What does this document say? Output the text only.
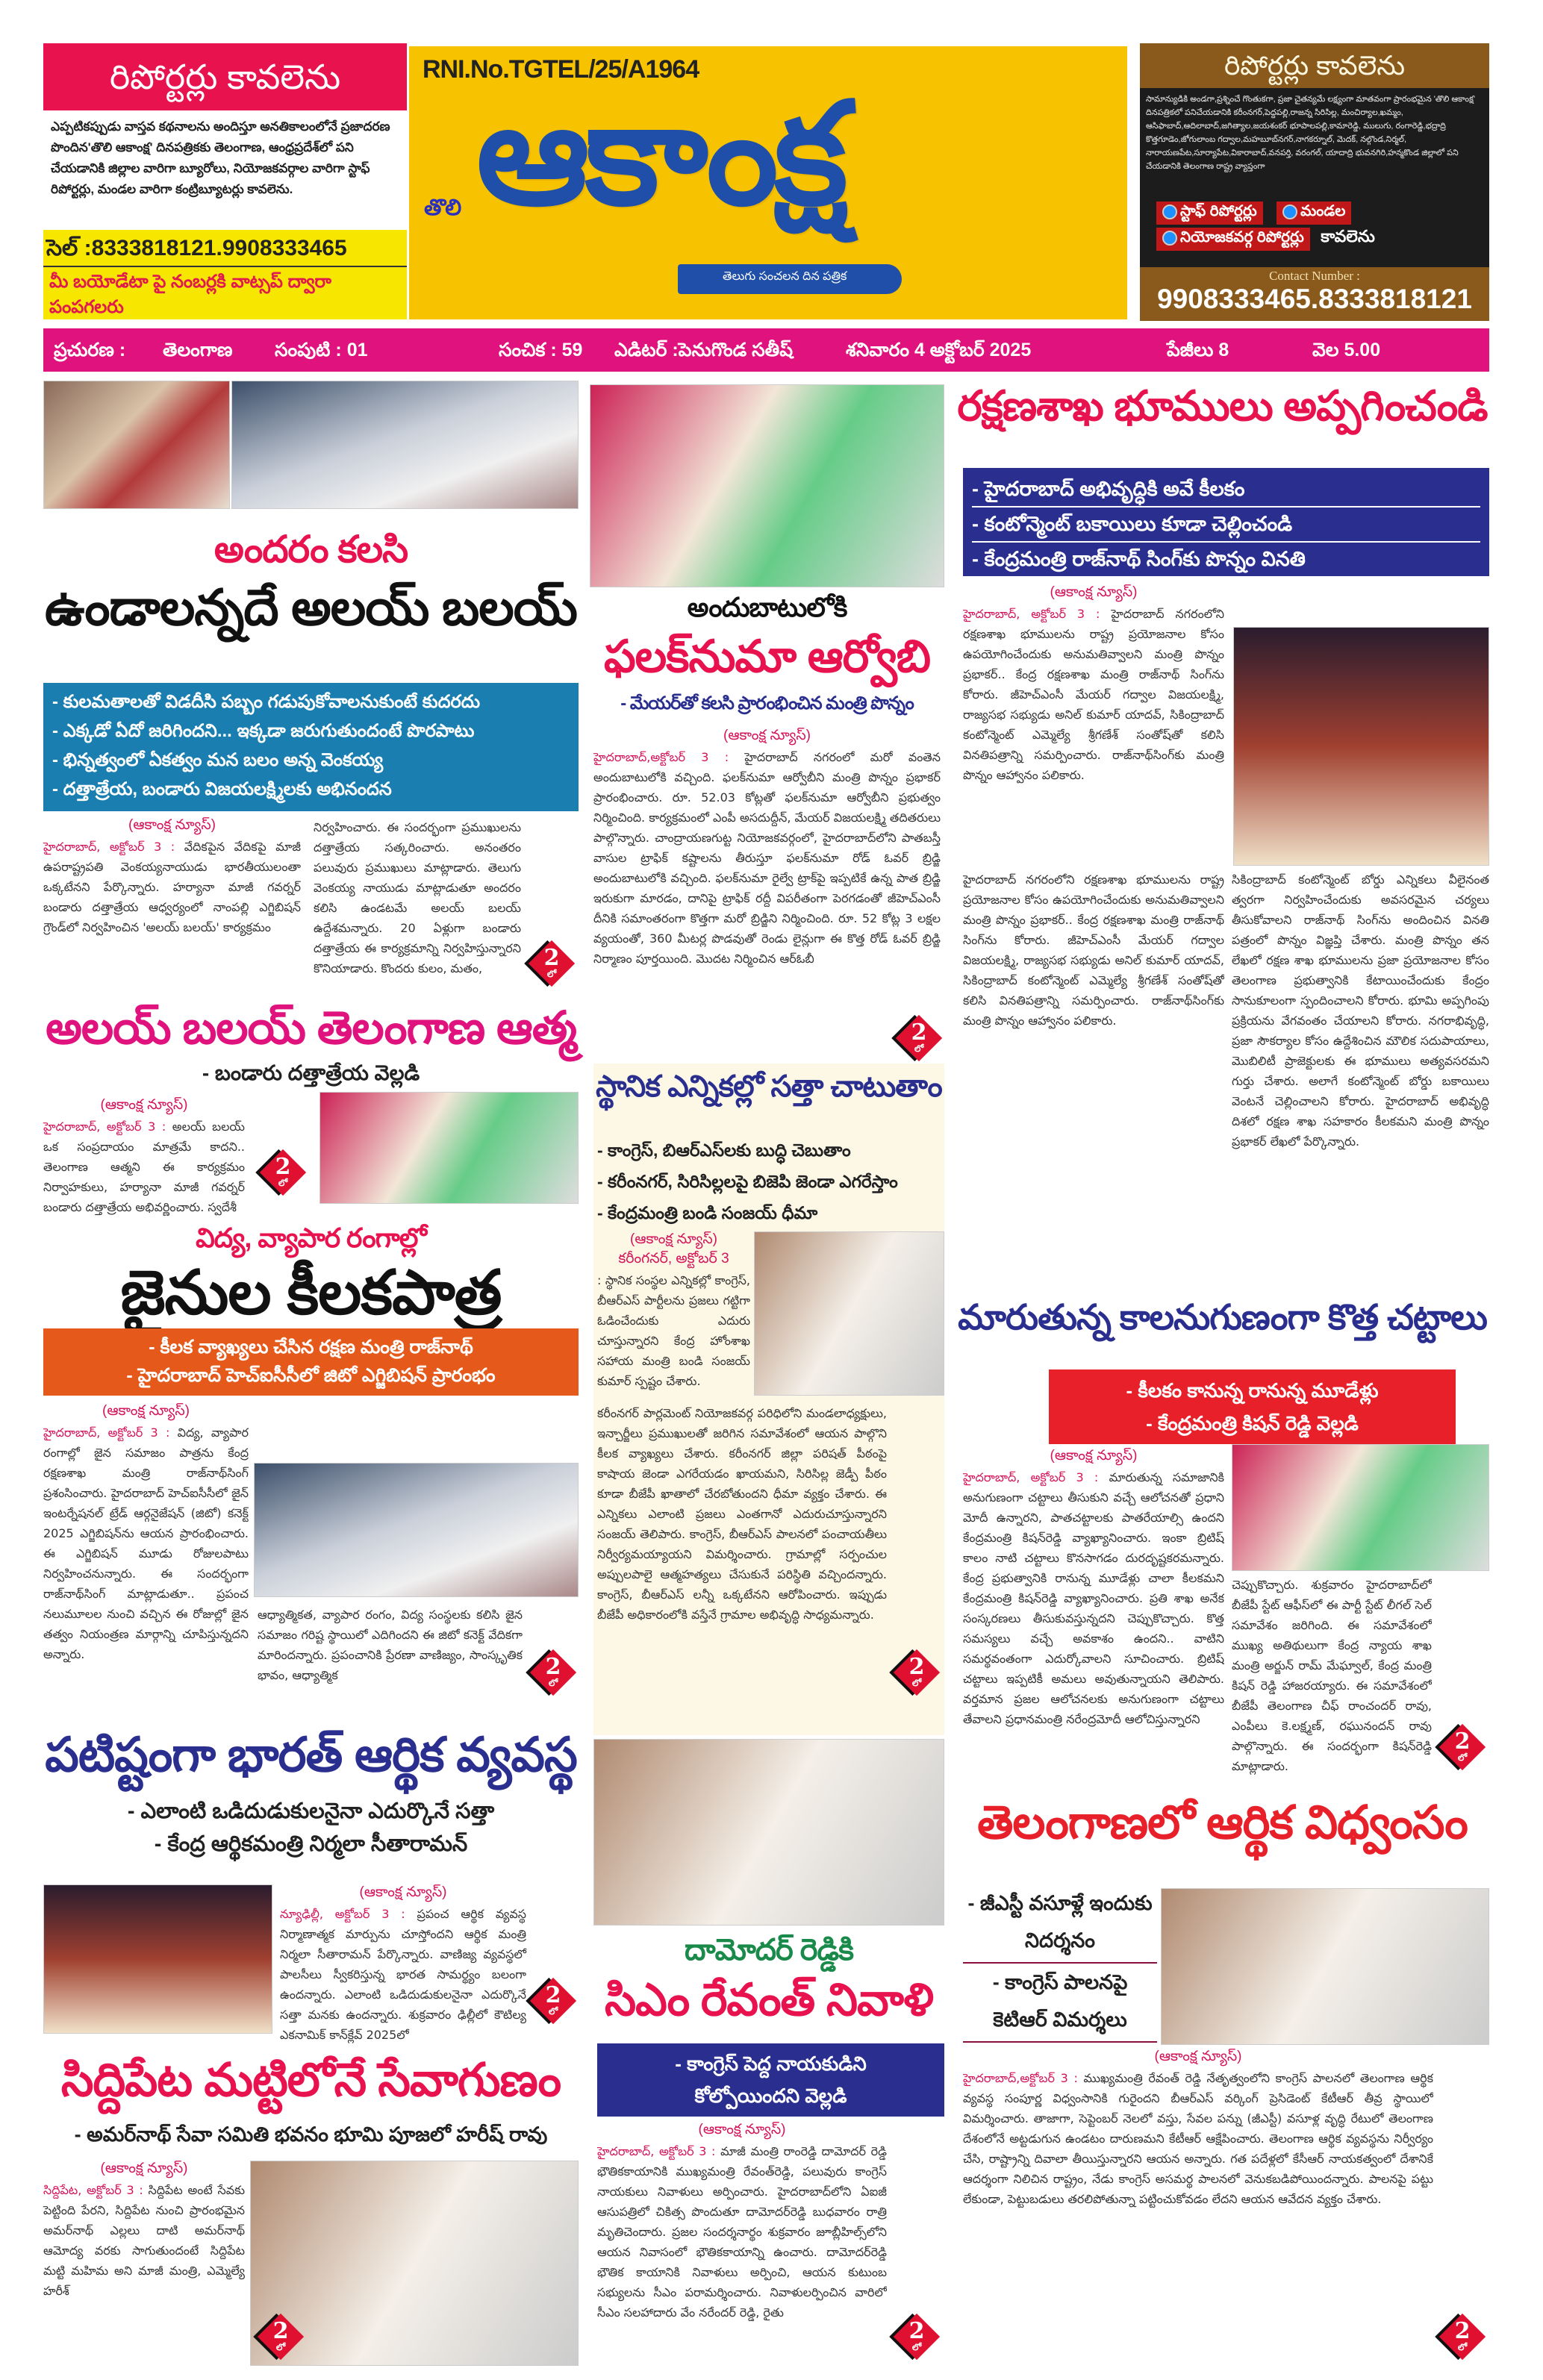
రిపోర్టర్లు కావలెను
ఎప్పటికప్పుడు వాస్తవ కథనాలను అందిస్తూ అనతికాలంలోనే ప్రజాదరణ పొందిన'తొలి ఆకాంక్ష' దినపత్రికకు తెలంగాణ, ఆంధ్రప్రదేశ్‌లో పని చేయడానికి జిల్లాల వారిగా బ్యూరోలు, నియోజకవర్గాల వారిగా స్టాఫ్ రిపోర్టర్లు, మండల వారిగా కంట్రిబ్యూటర్లు కావలెను.
సెల్ :8333818121.9908333465
మీ బయోడేటా పై నంబర్లకి వాట్సప్ ద్వారా పంపగలరు
RNI.No.TGTEL/25/A1964
తొలి ఆకాంక్ష
తెలుగు సంచలన దిన పత్రిక
రిపోర్టర్లు కావలెను
సామాన్యుడికి అండగా,ప్రశ్నించే గొంతుకగా, ప్రజా చైతన్యమే లక్ష్యంగా మాతవంగా ప్రారంభమైన 'తొలి ఆకాంక్ష' దినపత్రికలో పనిచేయడానికి కరీంనగర్,పెద్దపల్లి,రాజన్న సిరిసిల్ల, మంచిర్యాల,ఖమ్మం, ఆసిఫాబాద్,ఆదిలాబాద్,జగిత్యాల,జయశంకర్ భూపాలపల్లి,కామారెడ్డి, ములుగు, రంగారెడ్డి,భద్రాద్రి కొత్తగూడెం,జోగులాంబ గద్వాల,మహబూబ్‌నగర్,నాగకర్నూల్, మెదక్, నల్గొండ,నిర్మల్, నారాయణపేట,సూర్యాపేట,వికారాబాద్,వనపర్తి, వరంగల్, యాదాద్రి భువనగిరి,హన్మకొండ జిల్లాలో పని చేయడానికి తెలంగాణ రాష్ట్ర వ్యాప్తంగా
స్టాఫ్ రిపోర్టర్లు	మండల
నియోజకవర్గ రిపోర్టర్లు కావలెను
Contact Number :
9908333465.8333818121
ప్రచురణ : తెలంగాణ సంపుటి : 01	సంచిక : 59 ఎడిటర్ :పెనుగొండ సతీష్	శనివారం 4 అక్టోబర్ 2025	పేజీలు 8	వెల 5.00
అందరం కలసి
ఉండాలన్నదే అలయ్ బలయ్
- కులమతాలతో విడదీసి పబ్బం గడుపుకోవాలనుకుంటే కుదరదు
- ఎక్కడో ఏదో జరిగిందని... ఇక్కడా జరుగుతుందంటే పొరపాటు
- భిన్నత్వంలో ఏకత్వం మన బలం అన్న వెంకయ్య
- దత్తాత్రేయ, బండారు విజయలక్ష్మిలకు అభినందన
(ఆకాంక్ష న్యూస్)

హైదరాబాద్, అక్టోబర్ 3 : వేదికపైన వేదికపై మాజీ ఉపరాష్ట్రపతి వెంకయ్యనాయుడు భారతీయులంతా ఒక్కటేనని పేర్కొన్నారు. హర్యానా మాజీ గవర్నర్ బండారు దత్తాత్రేయ ఆధ్వర్యంలో నాంపల్లి ఎగ్జిబిషన్ గ్రౌండ్‌లో నిర్వహించిన 'అలయ్ బలయ్' కార్యక్రమం

నిర్వహించారు. ఈ సందర్భంగా ప్రముఖులను దత్తాత్రేయ సత్కరించారు. అనంతరం పలువురు ప్రముఖులు మాట్లాడారు. తెలుగు వెంకయ్య నాయుడు మాట్లాడుతూ అందరం కలిసి ఉండటమే అలయ్ బలయ్ ఉద్దేశమన్నారు. 20 ఏళ్లుగా బండారు దత్తాత్రేయ ఈ కార్యక్రమాన్ని నిర్వహిస్తున్నారని కొనియాడారు. కొందరు కులం, మతం,	2
లో
అలయ్ బలయ్ తెలంగాణ ఆత్మ
- బండారు దత్తాత్రేయ వెల్లడి
(ఆకాంక్ష న్యూస్)

హైదరాబాద్, అక్టోబర్ 3 : అలయ్ బలయ్ ఒక సంప్రదాయం మాత్రమే కాదని.. తెలంగాణ ఆత్మని ఈ కార్యక్రమం నిర్వాహకులు, హర్యానా మాజీ గవర్నర్ బండారు దత్తాత్రేయ అభివర్ణించారు. స్వదేశీ

2
లో
విద్య, వ్యాపార రంగాల్లో
జైనుల కీలకపాత్ర
- కీలక వ్యాఖ్యలు చేసిన రక్షణ మంత్రి రాజ్‌నాథ్
- హైదరాబాద్ హెచ్ఐసీసీలో జిటో ఎగ్జిబిషన్ ప్రారంభం
(ఆకాంక్ష న్యూస్)

హైదరాబాద్, అక్టోబర్ 3 : విద్య, వ్యాపార రంగాల్లో జైన సమాజం పాత్రను కేంద్ర రక్షణశాఖ మంత్రి రాజ్‌నాథ్‌సింగ్ ప్రశంసించారు. హైదరాబాద్ హెచ్ఐసీసీలో జైన్ ఇంటర్నేషనల్ ట్రేడ్ ఆర్గనైజేషన్ (జిటో) కనెక్ట్ 2025 ఎగ్జిబిషన్‌ను ఆయన ప్రారంభించారు. ఈ ఎగ్జిబిషన్ మూడు రోజులపాటు నిర్వహించనున్నారు. ఈ సందర్భంగా రాజ్‌నాథ్‌సింగ్ మాట్లాడుతూ.. ప్రపంచ నలుమూలల నుంచి వచ్చిన ఈ రోజుల్లో జైన తత్వం నియంత్రణ మార్గాన్ని చూపిస్తున్నదని అన్నారు.

ఆధ్యాత్మికత, వ్యాపార రంగం, విద్య సంస్థలకు కలిసి జైన సమాజం గరిష్ట స్థాయిలో ఎదిగిందని ఈ జిటో కనెక్ట్ వేదికగా మారిందన్నారు. ప్రపంచానికి ప్రేరణా వాణిజ్యం, సాంస్కృతిక భావం, ఆధ్యాత్మిక	2
లో
పటిష్టంగా భారత్ ఆర్థిక వ్యవస్థ
- ఎలాంటి ఒడిదుడుకులనైనా ఎదుర్కొనే సత్తా
- కేంద్ర ఆర్థికమంత్రి నిర్మలా సీతారామన్
(ఆకాంక్ష న్యూస్)

న్యూఢిల్లీ, అక్టోబర్ 3 : ప్రపంచ ఆర్థిక వ్యవస్థ నిర్మాణాత్మక మార్పును చూస్తోందని ఆర్థిక మంత్రి నిర్మలా సీతారామన్ పేర్కొన్నారు. వాణిజ్య వ్యవస్థలో పాలసీలు స్వీకరిస్తున్న భారత సామర్థ్యం బలంగా ఉందన్నారు. ఎలాంటి ఒడిదుడుకులనైనా ఎదుర్కొనే సత్తా మనకు ఉందన్నారు. శుక్రవారం ఢిల్లీలో కౌటిల్య ఎకనామిక్ కాన్‌క్లేవ్ 2025లో

2
లో
సిద్దిపేట మట్టిలోనే సేవాగుణం
- అమర్‌నాథ్ సేవా సమితి భవనం భూమి పూజలో హరీష్ రావు
(ఆకాంక్ష న్యూస్)

సిద్దిపేట, అక్టోబర్ 3 : సిద్దిపేట అంటే సేవకు పెట్టింది పేరని, సిద్దిపేట నుంచి ప్రారంభమైన అమర్‌నాథ్ ఎల్లలు దాటి అమర్‌నాథ్ ఆమోద్య వరకు సాగుతుందంటే సిద్దిపేట మట్టి మహిమ అని మాజీ మంత్రి, ఎమ్మెల్యే హరీశ్

2
లో
అందుబాటులోకి
ఫలక్‌నుమా ఆర్వోబి
- మేయర్‌తో కలసి ప్రారంభించిన మంత్రి పొన్నం
(ఆకాంక్ష న్యూస్)

హైదరాబాద్,అక్టోబర్ 3 : హైదరాబాద్ నగరంలో మరో వంతెన అందుబాటులోకి వచ్చింది. ఫలక్‌నుమా ఆర్వోబీని మంత్రి పొన్నం ప్రభాకర్ ప్రారంభించారు. రూ. 52.03 కోట్లతో ఫలక్‌నుమా ఆర్వోబీని ప్రభుత్వం నిర్మించింది. కార్యక్రమంలో ఎంపీ అసదుద్దీన్, మేయర్ విజయలక్ష్మి తదితరులు పాల్గొన్నారు. చాంద్రాయణగుట్ట నియోజకవర్గంలో, హైదరాబాద్‌లోని పాతబస్తీ వాసుల ట్రాఫిక్ కష్టాలను తీరుస్తూ ఫలక్‌నుమా రోడ్ ఓవర్ బ్రిడ్జి అందుబాటులోకి వచ్చింది. ఫలక్‌నుమా రైల్వే ట్రాక్‌పై ఇప్పటికే ఉన్న పాత బ్రిడ్జి ఇరుకుగా మారడం, దానిపై ట్రాఫిక్ రద్దీ విపరీతంగా పెరగడంతో జీహెచ్‌ఎంసీ దీనికి సమాంతరంగా కొత్తగా మరో బ్రిడ్జిని నిర్మించింది. రూ. 52 కోట్ల 3 లక్షల వ్యయంతో, 360 మీటర్ల పొడవుతో రెండు లైన్లుగా ఈ కొత్త రోడ్ ఓవర్ బ్రిడ్జి నిర్మాణం పూర్తయింది. మొదట నిర్మించిన ఆర్‌ఓబీ

2
లో
స్థానిక ఎన్నికల్లో సత్తా చాటుతాం
- కాంగ్రెస్, బిఆర్‌ఎస్‌లకు బుద్ధి చెబుతాం
- కరీంనగర్, సిరిసిల్లలపై బిజెపి జెండా ఎగరేస్తాం
- కేంద్రమంత్రి బండి సంజయ్ ధీమా
(ఆకాంక్ష న్యూస్)
కరీంగనర్, అక్టోబర్ 3

: స్థానిక సంస్థల ఎన్నికల్లో కాంగ్రెస్, బీఆర్‌ఎస్ పార్టీలను ప్రజలు గట్టిగా ఓడించేందుకు ఎదురు చూస్తున్నారని కేంద్ర హోంశాఖ సహాయ మంత్రి బండి సంజయ్ కుమార్ స్పష్టం చేశారు.

కరీంనగర్ పార్లమెంట్ నియోజకవర్గ పరిధిలోని మండలాధ్యక్షులు, ఇన్చార్జీలు ప్రముఖులతో జరిగిన సమావేశంలో ఆయన పాల్గొని కీలక వ్యాఖ్యలు చేశారు. కరీంనగర్ జిల్లా పరిషత్ పీఠంపై కాషాయ జెండా ఎగరేయడం ఖాయమని, సిరిసిల్ల జెడ్పీ పీఠం కూడా బీజేపీ ఖాతాలో చేరబోతుందని ధీమా వ్యక్తం చేశారు. ఈ ఎన్నికలు ఎలాంటి ప్రజలు ఎంతగానో ఎదురుచూస్తున్నారని సంజయ్ తెలిపారు. కాంగ్రెస్, బీఆర్‌ఎస్ పాలనలో పంచాయతీలు నిర్వీర్యమయ్యాయని విమర్శించారు. గ్రామాల్లో సర్పంచుల అప్పులపాలై ఆత్మహత్యలు చేసుకునే పరిస్థితి వచ్చిందన్నారు. కాంగ్రెస్, బీఆర్‌ఎస్ లన్నీ ఒక్కటేనని ఆరోపించారు. ఇప్పుడు బీజేపీ అధికారంలోకి వస్తేనే గ్రామాల అభివృద్ధి సాధ్యమన్నారు.
2
లో
దామోదర్ రెడ్డికి
సిఎం రేవంత్ నివాళి
- కాంగ్రెస్ పెద్ద నాయకుడిని
కోల్పోయిందని వెల్లడి
(ఆకాంక్ష న్యూస్)

హైదరాబాద్, అక్టోబర్ 3 : మాజీ మంత్రి రాంరెడ్డి దామోదర్ రెడ్డి భౌతికకాయానికి ముఖ్యమంత్రి రేవంత్‌రెడ్డి, పలువురు కాంగ్రెస్ నాయకులు నివాళులు అర్పించారు. హైదరాబాద్‌లోని ఏఐజీ ఆసుపత్రిలో చికిత్స పొందుతూ దామోదర్‌రెడ్డి బుధవారం రాత్రి మృతిచెందారు. ప్రజల సందర్శనార్థం శుక్రవారం జూబ్లీహిల్స్‌లోని ఆయన నివాసంలో భౌతికకాయాన్ని ఉంచారు. దామోదర్‌రెడ్డి భౌతిక కాయానికి నివాళులు అర్పించి, ఆయన కుటుంబ సభ్యులను సీఎం పరామర్శించారు. నివాళులర్పించిన వారిలో సీఎం సలహాదారు వేం నరేందర్ రెడ్డి, రైతు

2
లో
రక్షణశాఖ భూములు అప్పగించండి
- హైదరాబాద్ అభివృద్ధికి అవే కీలకం
- కంటోన్మెంట్ బకాయిలు కూడా చెల్లించండి
- కేంద్రమంత్రి రాజ్‌నాథ్ సింగ్‌కు పొన్నం వినతి
(ఆకాంక్ష న్యూస్)

హైదరాబాద్, అక్టోబర్ 3 : హైదరాబాద్ నగరంలోని రక్షణశాఖ భూములను రాష్ట్ర ప్రయోజనాల కోసం ఉపయోగించేందుకు అనుమతివ్వాలని మంత్రి పొన్నం ప్రభాకర్.. కేంద్ర రక్షణశాఖ మంత్రి రాజ్‌నాథ్ సింగ్‌ను కోరారు. జీహెచ్‌ఎంసీ మేయర్ గద్వాల విజయలక్ష్మి, రాజ్యసభ సభ్యుడు అనిల్ కుమార్ యాదవ్, సికింద్రాబాద్ కంటోన్మెంట్ ఎమ్మెల్యే శ్రీగణేశ్ సంతోష్‌తో కలిసి వినతిపత్రాన్ని సమర్పించారు. రాజ్‌నాథ్‌సింగ్‌కు మంత్రి పొన్నం ఆహ్వానం పలికారు.

సికింద్రాబాద్ కంటోన్మెంట్ బోర్డు ఎన్నికలు వీలైనంత త్వరగా నిర్వహించేందుకు అవసరమైన చర్యలు తీసుకోవాలని రాజ్‌నాథ్ సింగ్‌ను అందించిన వినతి పత్రంలో పొన్నం విజ్ఞప్తి చేశారు. మంత్రి పొన్నం తన లేఖలో రక్షణ శాఖ భూములను ప్రజా ప్రయోజనాల కోసం తెలంగాణ ప్రభుత్వానికి కేటాయించేందుకు కేంద్రం సానుకూలంగా స్పందించాలని కోరారు. భూమి అప్పగింపు ప్రక్రియను వేగవంతం చేయాలని కోరారు. నగరాభివృద్ధి, ప్రజా సౌకర్యాల కోసం ఉద్దేశించిన మౌలిక సదుపాయాలు, మొబిలిటీ ప్రాజెక్టులకు ఈ భూములు అత్యవసరమని గుర్తు చేశారు. అలాగే కంటోన్మెంట్ బోర్డు బకాయిలు వెంటనే చెల్లించాలని కోరారు. హైదరాబాద్ అభివృద్ధి దిశలో రక్షణ శాఖ సహకారం కీలకమని మంత్రి పొన్నం ప్రభాకర్ లేఖలో పేర్కొన్నారు.
హైదరాబాద్ నగరంలోని రక్షణశాఖ భూములను రాష్ట్ర ప్రయోజనాల కోసం ఉపయోగించేందుకు అనుమతివ్వాలని మంత్రి పొన్నం ప్రభాకర్.. కేంద్ర రక్షణశాఖ మంత్రి రాజ్‌నాథ్ సింగ్‌ను కోరారు. జీహెచ్‌ఎంసీ మేయర్ గద్వాల విజయలక్ష్మి, రాజ్యసభ సభ్యుడు అనిల్ కుమార్ యాదవ్, సికింద్రాబాద్ కంటోన్మెంట్ ఎమ్మెల్యే శ్రీగణేశ్ సంతోష్‌తో కలిసి వినతిపత్రాన్ని సమర్పించారు. రాజ్‌నాథ్‌సింగ్‌కు మంత్రి పొన్నం ఆహ్వానం పలికారు.
మారుతున్న కాలనుగుణంగా కొత్త చట్టాలు
- కీలకం కానున్న రానున్న మూడేళ్లు
- కేంద్రమంత్రి కిషన్ రెడ్డి వెల్లడి
(ఆకాంక్ష న్యూస్)

హైదరాబాద్, అక్టోబర్ 3 : మారుతున్న సమాజానికి అనుగుణంగా చట్టాలు తీసుకుని వచ్చే ఆలోచనతో ప్రధాని మోదీ ఉన్నారని, పాతచట్టాలకు పాతరేయాల్సి ఉందని కేంద్రమంత్రి కిషన్‌రెడ్డి వ్యాఖ్యానించారు. ఇంకా బ్రిటిష్ కాలం నాటి చట్టాలు కొనసాగడం దురదృష్టకరమన్నారు. కేంద్ర ప్రభుత్వానికి రానున్న మూడేళ్లు చాలా కీలకమని కేంద్రమంత్రి కిషన్‌రెడ్డి వ్యాఖ్యానించారు. ప్రతి శాఖ అనేక సంస్కరణలు తీసుకువస్తున్నదని చెప్పుకొచ్చారు. కొత్త సమస్యలు వచ్చే అవకాశం ఉందని.. వాటిని సమర్థవంతంగా ఎదుర్కోవాలని సూచించారు. బ్రిటిష్ చట్టాలు ఇప్పటికీ అమలు అవుతున్నాయని తెలిపారు. వర్తమాన ప్రజల ఆలోచనలకు అనుగుణంగా చట్టాలు తేవాలని ప్రధానమంత్రి నరేంద్రమోదీ ఆలోచిస్తున్నారని

చెప్పుకొచ్చారు. శుక్రవారం హైదరాబాద్‌లో బీజేపీ స్టేట్ ఆఫీస్‌లో ఈ పార్టీ స్టేట్ లీగల్ సెల్ సమావేశం జరిగింది. ఈ సమావేశంలో ముఖ్య అతిథులుగా కేంద్ర న్యాయ శాఖ మంత్రి అర్జున్ రామ్ మేఘ్వాల్, కేంద్ర మంత్రి కిషన్ రెడ్డి హాజరయ్యారు. ఈ సమావేశంలో బీజేపీ తెలంగాణ చీఫ్ రాంచందర్ రావు, ఎంపీలు కె.లక్ష్మణ్, రఘునందన్ రావు పాల్గొన్నారు. ఈ సందర్భంగా కిషన్‌రెడ్డి మాట్లాడారు.
2
లో
తెలంగాణలో ఆర్థిక విధ్వంసం
- జీఎస్టీ వసూళ్లే ఇందుకు నిదర్శనం
- కాంగ్రెస్ పాలనపై కెటిఆర్ విమర్శలు
(ఆకాంక్ష న్యూస్)

హైదరాబాద్,అక్టోబర్ 3 : ముఖ్యమంత్రి రేవంత్ రెడ్డి నేతృత్వంలోని కాంగ్రెస్ పాలనలో తెలంగాణ ఆర్థిక వ్యవస్థ సంపూర్ణ విధ్వంసానికి గురైందని బీఆర్‌ఎస్ వర్కింగ్ ప్రెసిడెంట్ కేటీఆర్ తీవ్ర స్థాయిలో విమర్శించారు. తాజాగా, సెప్టెంబర్ నెలలో వస్తు, సేవల పన్ను (జీఎస్టీ) వసూళ్ల వృద్ధి రేటులో తెలంగాణ దేశంలోనే అట్టడుగున ఉండటం దారుణమని కేటీఆర్ ఆక్షేపించారు. తెలంగాణ ఆర్థిక వ్యవస్థను నిర్వీర్యం చేసి, రాష్ట్రాన్ని దివాలా తీయిస్తున్నారని ఆయన అన్నారు. గత పదేళ్లలో కేసీఆర్ నాయకత్వంలో దేశానికే ఆదర్శంగా నిలిచిన రాష్ట్రం, నేడు కాంగ్రెస్ అసమర్థ పాలనలో వెనుకబడిపోయిందన్నారు. పాలనపై పట్టు లేకుండా, పెట్టుబడులు తరలిపోతున్నా పట్టించుకోవడం లేదని ఆయన ఆవేదన వ్యక్తం చేశారు.

2
లో
